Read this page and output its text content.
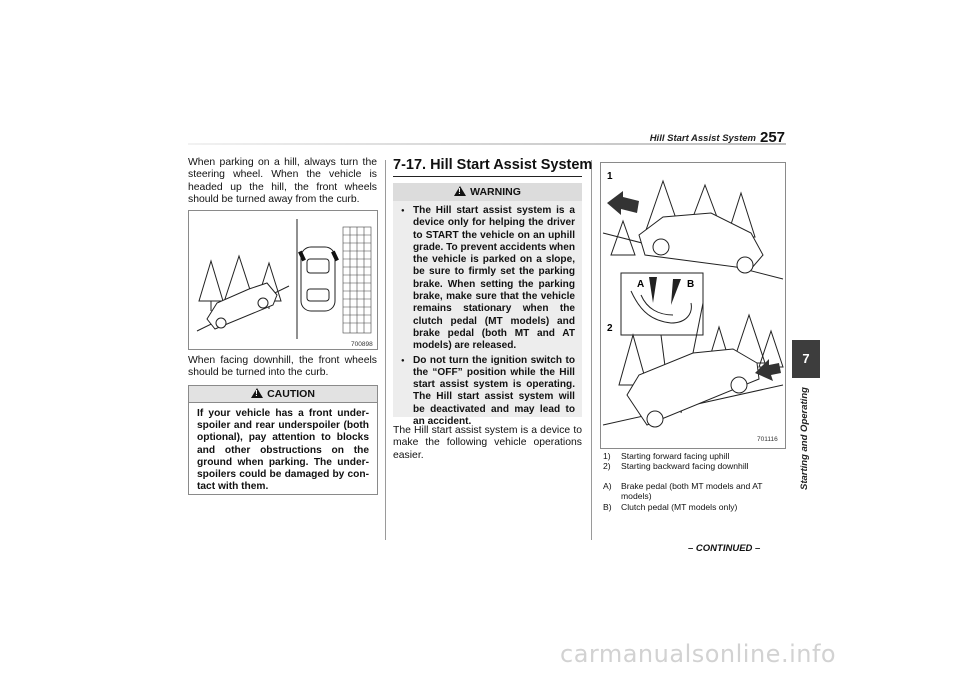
Hill Start Assist System 257
When parking on a hill, always turn the steering wheel. When the vehicle is headed up the hill, the front wheels should be turned away from the curb.
700898
When facing downhill, the front wheels should be turned into the curb.
!CAUTION
If your vehicle has a front under-spoiler and rear underspoiler (both optional), pay attention to blocks and other obstructions on the ground when parking. The under-spoilers could be damaged by con-tact with them.
7-17. Hill Start Assist System
!WARNING
● The Hill start assist system is a device only for helping the driver to START the vehicle on an uphill grade. To prevent accidents when the vehicle is parked on a slope, be sure to firmly set the parking brake. When setting the parking brake, make sure that the vehicle remains stationary when the clutch pedal (MT models) and brake pedal (both MT and AT models) are released.
● Do not turn the ignition switch to the “OFF” position while the Hill start assist system is operating. The Hill start assist system will be deactivated and may lead to an accident.
The Hill start assist system is a device to make the following vehicle operations easier.
1
A	B
2
701116
1)	Starting forward facing uphill
2)	Starting backward facing downhill
A)	Brake pedal (both MT models and AT models)
B)	Clutch pedal (MT models only)
– CONTINUED –
7
Starting and Operating
carmanualsonline.info
